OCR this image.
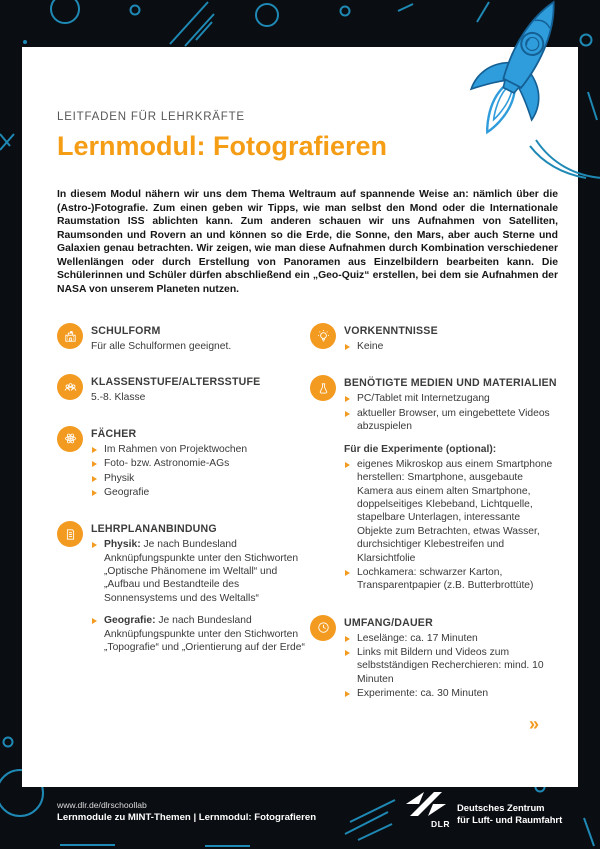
LEITFADEN FÜR LEHRKRÄFTE
Lernmodul: Fotografieren

In diesem Modul nähern wir uns dem Thema Weltraum auf spannende Weise an: nämlich über die (Astro-)Fotografie. Zum einen geben wir Tipps, wie man selbst den Mond oder die Internationale Raumstation ISS ablichten kann. Zum anderen schauen wir uns Aufnahmen von Satelliten, Raumsonden und Rovern an und können so die Erde, die Sonne, den Mars, aber auch Sterne und Galaxien genau betrachten. Wir zeigen, wie man diese Aufnahmen durch Kombination verschiedener Wellenlängen oder durch Erstellung von Panoramen aus Einzelbildern bearbeiten kann. Die Schülerinnen und Schüler dürfen abschließend ein „Geo-Quiz“ erstellen, bei dem sie Aufnahmen der NASA von unserem Planeten nutzen.

SCHULFORM
Für alle Schulformen geeignet.
KLASSENSTUFE/ALTERSSTUFE
5.-8. Klasse
FÄCHER
Im Rahmen von Projektwochen
Foto- bzw. Astronomie-AGs
Physik
Geografie
LEHRPLANANBINDUNG
Physik: Je nach Bundesland Anknüpfungspunkte unter den Stichworten „Optische Phänomene im Weltall“ und „Aufbau und Bestandteile des Sonnensystems und des Weltalls“
Geografie: Je nach Bundesland Anknüpfungspunkte unter den Stichworten „Topografie“ und „Orientierung auf der Erde“
VORKENNTNISSE
Keine
BENÖTIGTE MEDIEN UND MATERIALIEN
PC/Tablet mit Internetzugang
aktueller Browser, um eingebettete Videos abzuspielen
Für die Experimente (optional):
eigenes Mikroskop aus einem Smartphone herstellen: Smartphone, ausgebaute Kamera aus einem alten Smartphone, doppelseitiges Klebeband, Lichtquelle, stapelbare Unterlagen, interessante Objekte zum Betrachten, etwas Wasser, durchsichtiger Klebestreifen und Klarsichtfolie
Lochkamera: schwarzer Karton, Transparentpapier (z.B. Butterbrottüte)
UMFANG/DAUER
Leselänge: ca. 17 Minuten
Links mit Bildern und Videos zum selbstständigen Recherchieren: mind. 10 Minuten
Experimente: ca. 30 Minuten
»
www.dlr.de/dlrschoollab
Lernmodule zu MINT-Themen | Lernmodul: Fotografieren
DLR
Deutsches Zentrum
für Luft- und Raumfahrt
